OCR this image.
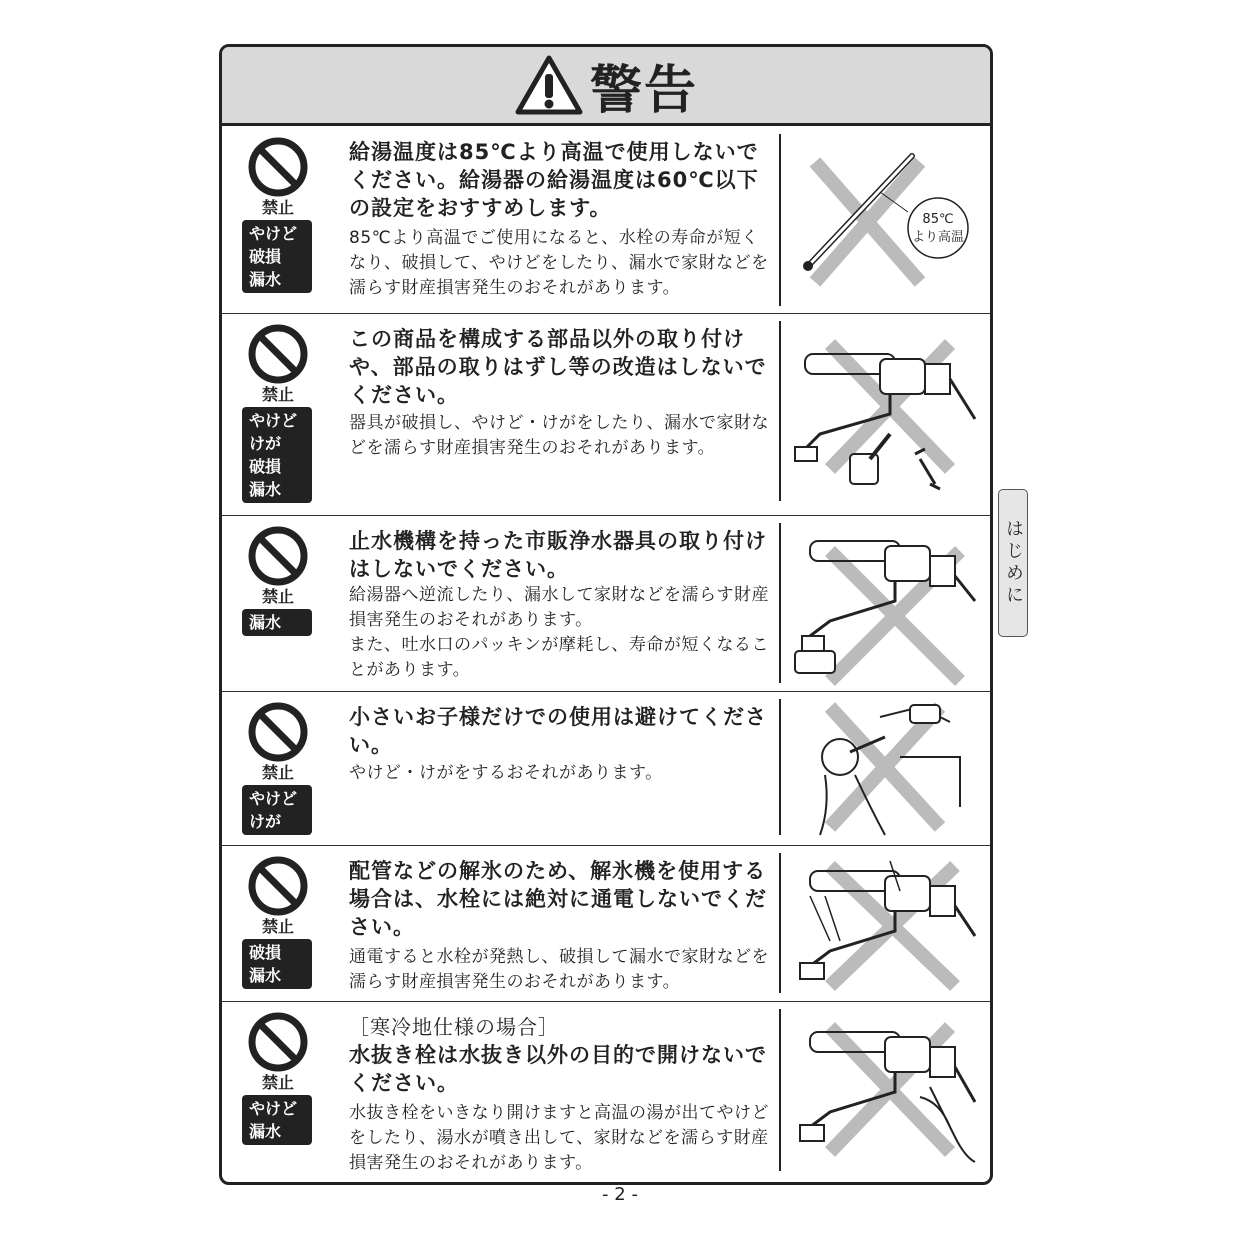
警告
禁止
やけど
破損
漏水

給湯温度は85℃より高温で使用しないでください。給湯器の給湯温度は60℃以下の設定をおすすめします。

85℃より高温でご使用になると、水栓の寿命が短くなり、破損して、やけどをしたり、漏水で家財などを濡らす財産損害発生のおそれがあります。

85℃
より高温
禁止
やけど
けが
破損
漏水

この商品を構成する部品以外の取り付けや、部品の取りはずし等の改造はしないでください。

器具が破損し、やけど・けがをしたり、漏水で家財などを濡らす財産損害発生のおそれがあります。

禁止
漏水

止水機構を持った市販浄水器具の取り付けはしないでください。

給湯器へ逆流したり、漏水して家財などを濡らす財産損害発生のおそれがあります。
また、吐水口のパッキンが摩耗し、寿命が短くなることがあります。

禁止
やけど
けが

小さいお子様だけでの使用は避けてください。

やけど・けがをするおそれがあります。

禁止
破損
漏水

配管などの解氷のため、解氷機を使用する場合は、水栓には絶対に通電しないでください。

通電すると水栓が発熱し、破損して漏水で家財などを濡らす財産損害発生のおそれがあります。

禁止
やけど
漏水

［寒冷地仕様の場合］

水抜き栓は水抜き以外の目的で開けないでください。

水抜き栓をいきなり開けますと高温の湯が出てやけどをしたり、湯水が噴き出して、家財などを濡らす財産損害発生のおそれがあります。

はじめに
- 2 -
